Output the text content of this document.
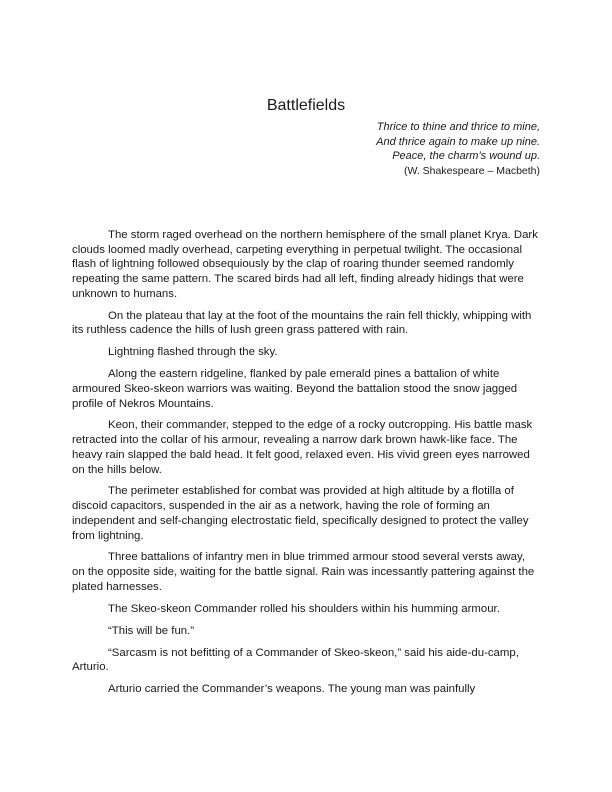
Battlefields
Thrice to thine and thrice to mine,
And thrice again to make up nine.
Peace, the charm’s wound up.
(W. Shakespeare – Macbeth)

The storm raged overhead on the northern hemisphere of the small planet Krya. Dark clouds loomed madly overhead, carpeting everything in perpetual twilight. The occasional flash of lightning followed obsequiously by the clap of roaring thunder seemed randomly repeating the same pattern. The scared birds had all left, finding already hidings that were unknown to humans.

On the plateau that lay at the foot of the mountains the rain fell thickly, whipping with its ruthless cadence the hills of lush green grass pattered with rain.

Lightning flashed through the sky.

Along the eastern ridgeline, flanked by pale emerald pines a battalion of white armoured Skeo-skeon warriors was waiting. Beyond the battalion stood the snow jagged profile of Nekros Mountains.

Keon, their commander, stepped to the edge of a rocky outcropping. His battle mask retracted into the collar of his armour, revealing a narrow dark brown hawk-like face. The heavy rain slapped the bald head. It felt good, relaxed even. His vivid green eyes narrowed on the hills below.

The perimeter established for combat was provided at high altitude by a flotilla of discoid capacitors, suspended in the air as a network, having the role of forming an independent and self-changing electrostatic field, specifically designed to protect the valley from lightning.

Three battalions of infantry men in blue trimmed armour stood several versts away, on the opposite side, waiting for the battle signal. Rain was incessantly pattering against the plated harnesses.

The Skeo-skeon Commander rolled his shoulders within his humming armour.

“This will be fun.”

“Sarcasm is not befitting of a Commander of Skeo-skeon,” said his aide-du-camp, Arturio.

Arturio carried the Commander’s weapons. The young man was painfully
